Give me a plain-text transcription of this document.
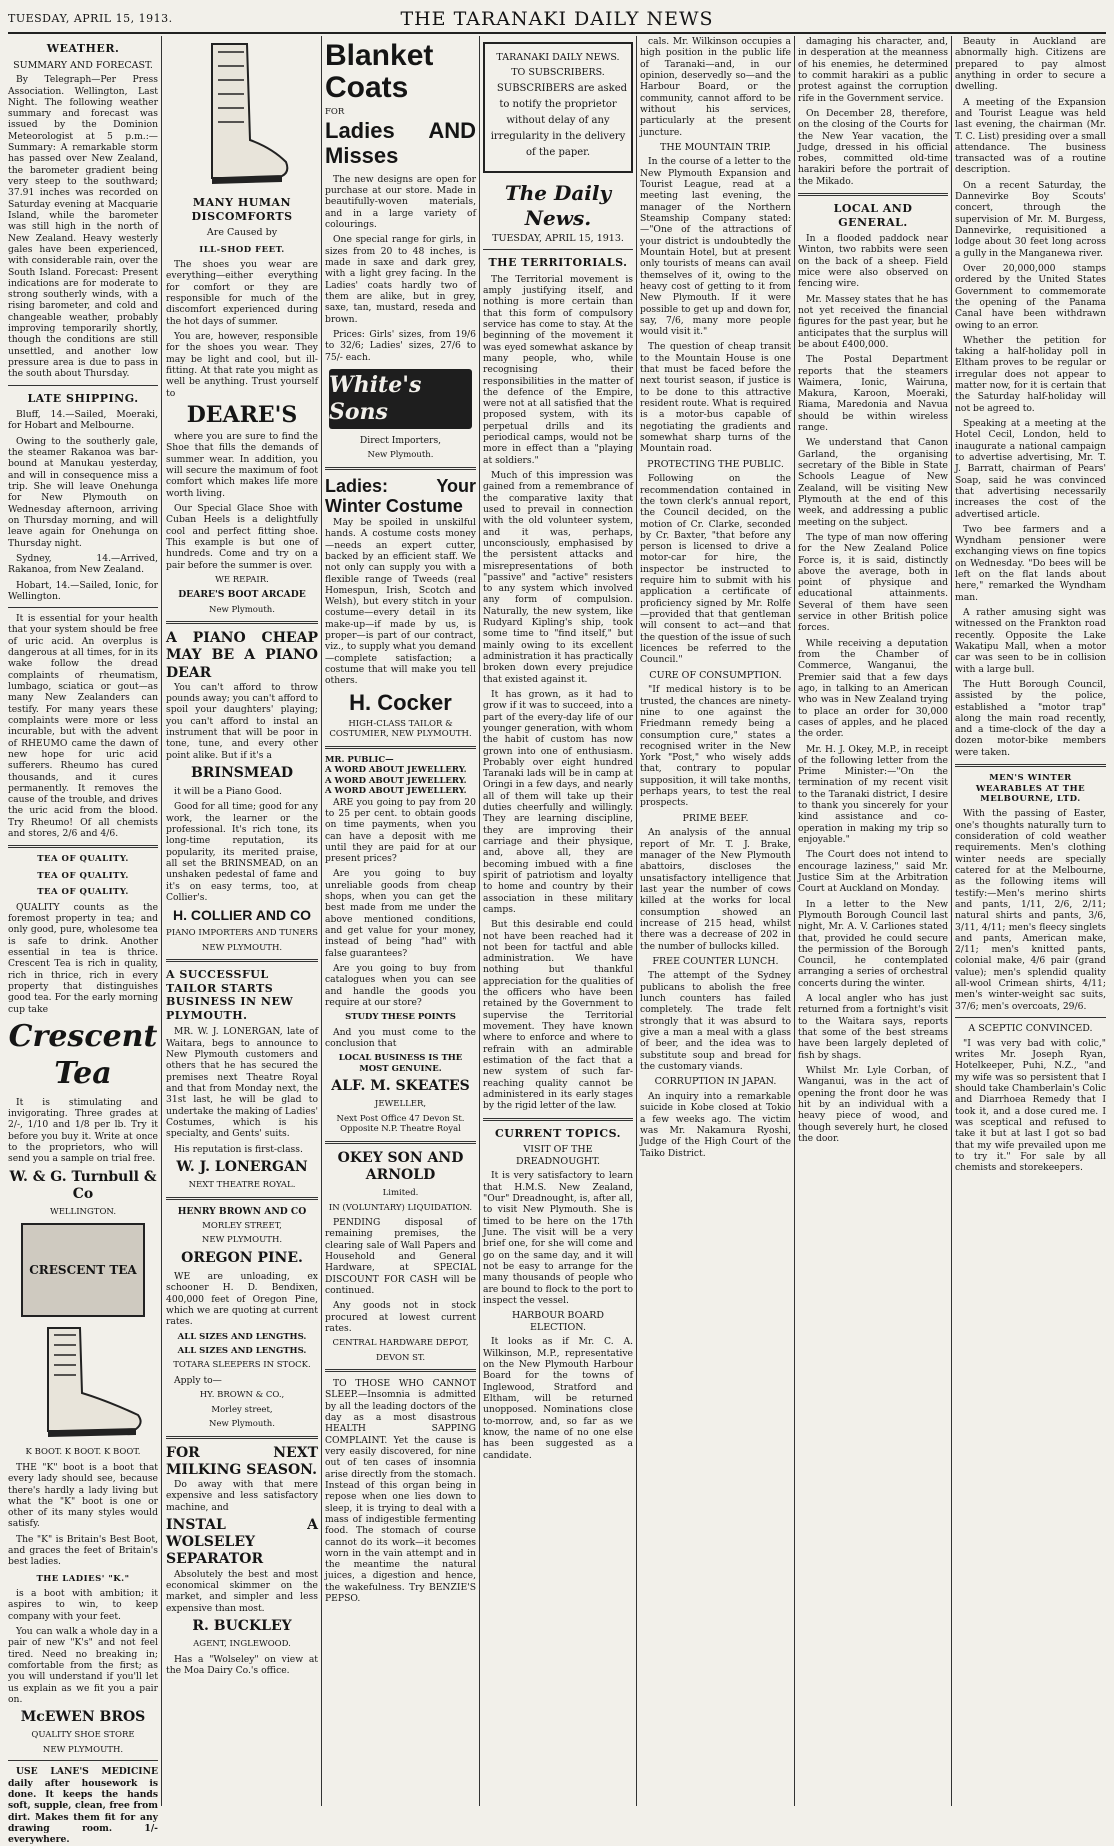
TUESDAY, APRIL 15, 1913.	THE TARANAKI DAILY NEWS
WEATHER.
SUMMARY AND FORECAST.

By Telegraph—Per Press Association. Wellington, Last Night. The following weather summary and forecast was issued by the Dominion Meteorologist at 5 p.m.:—Summary: A remarkable storm has passed over New Zealand, the barometer gradient being very steep to the southward; 37.91 inches was recorded on Saturday evening at Macquarie Island, while the barometer was still high in the north of New Zealand. Heavy westerly gales have been experienced, with considerable rain, over the South Island. Forecast: Present indications are for moderate to strong southerly winds, with a rising barometer, and cold and changeable weather, probably improving temporarily shortly, though the conditions are still unsettled, and another low pressure area is due to pass in the south about Thursday.

LATE SHIPPING.

Bluff, 14.—Sailed, Moeraki, for Hobart and Melbourne.

Owing to the southerly gale, the steamer Rakanoa was bar-bound at Manukau yesterday, and will in consequence miss a trip. She will leave Onehunga for New Plymouth on Wednesday afternoon, arriving on Thursday morning, and will leave again for Onehunga on Thursday night.

Sydney, 14.—Arrived, Rakanoa, from New Zealand.

Hobart, 14.—Sailed, Ionic, for Wellington.

It is essential for your health that your system should be free of uric acid. An overplus is dangerous at all times, for in its wake follow the dread complaints of rheumatism, lumbago, sciatica or gout—as many New Zealanders can testify. For many years these complaints were more or less incurable, but with the advent of RHEUMO came the dawn of new hope for uric acid sufferers. Rheumo has cured thousands, and it cures permanently. It removes the cause of the trouble, and drives the uric acid from the blood. Try Rheumo! Of all chemists and stores, 2/6 and 4/6.

TEA OF QUALITY.
TEA OF QUALITY.
TEA OF QUALITY.

QUALITY counts as the foremost property in tea; and only good, pure, wholesome tea is safe to drink. Another essential in tea is thrice. Crescent Tea is rich in quality, rich in thrice, rich in every property that distinguishes good tea. For the early morning cup take

Crescent Tea

It is stimulating and invigorating. Three grades at 2/-, 1/10 and 1/8 per lb. Try it before you buy it. Write at once to the proprietors, who will send you a sample on trial free.

W. & G. Turnbull & Co
WELLINGTON.
CRESCENT TEA
K BOOT. K BOOT. K BOOT.

THE "K" boot is a boot that every lady should see, because there's hardly a lady living but what the "K" boot is one or other of its many styles would satisfy.

The "K" is Britain's Best Boot, and graces the feet of Britain's best ladies.

THE LADIES' "K."

is a boot with ambition; it aspires to win, to keep company with your feet.

You can walk a whole day in a pair of new "K's" and not feel tired. Need no breaking in; comfortable from the first; as you will understand if you'll let us explain as we fit you a pair on.

McEWEN BROS
QUALITY SHOE STORE
NEW PLYMOUTH.

USE LANE'S MEDICINE daily after housework is done. It keeps the hands soft, supple, clean, free from dirt. Makes them fit for any drawing room. 1/- everywhere.

MANY HUMAN DISCOMFORTS
Are Caused by
ILL-SHOD FEET.

The shoes you wear are everything—either everything for comfort or they are responsible for much of the discomfort experienced during the hot days of summer.

You are, however, responsible for the shoes you wear. They may be light and cool, but ill-fitting. At that rate you might as well be anything. Trust yourself to

DEARE'S

where you are sure to find the Shoe that fills the demands of summer wear. In addition, you will secure the maximum of foot comfort which makes life more worth living.

Our Special Glace Shoe with Cuban Heels is a delightfully cool and perfect fitting shoe. This example is but one of hundreds. Come and try on a pair before the summer is over.

WE REPAIR.
DEARE'S BOOT ARCADE
New Plymouth.
A PIANO CHEAP MAY BE A PIANO DEAR

You can't afford to throw pounds away; you can't afford to spoil your daughters' playing; you can't afford to instal an instrument that will be poor in tone, tune, and every other point alike. But if it's a

BRINSMEAD

it will be a Piano Good.

Good for all time; good for any work, the learner or the professional. It's rich tone, its long-time reputation, its popularity, its merited praise, all set the BRINSMEAD, on an unshaken pedestal of fame and it's on easy terms, too, at Collier's.

H. COLLIER AND CO
PIANO IMPORTERS AND TUNERS
NEW PLYMOUTH.
A SUCCESSFUL TAILOR STARTS BUSINESS IN NEW PLYMOUTH.

MR. W. J. LONERGAN, late of Waitara, begs to announce to New Plymouth customers and others that he has secured the premises next Theatre Royal and that from Monday next, the 31st last, he will be glad to undertake the making of Ladies' Costumes, which is his specialty, and Gents' suits.

His reputation is first-class.

W. J. LONERGAN
NEXT THEATRE ROYAL.
HENRY BROWN AND CO
MORLEY STREET,
NEW PLYMOUTH.
OREGON PINE.

WE are unloading, ex schooner H. D. Bendixen, 400,000 feet of Oregon Pine, which we are quoting at current rates.

ALL SIZES AND LENGTHS.
ALL SIZES AND LENGTHS.
TOTARA SLEEPERS IN STOCK.

Apply to—

HY. BROWN & CO.,
Morley street,
New Plymouth.
FOR NEXT MILKING SEASON.

Do away with that mere expensive and less satisfactory machine, and

INSTAL A WOLSELEY SEPARATOR

Absolutely the best and most economical skimmer on the market, and simpler and less expensive than most.

R. BUCKLEY
AGENT, INGLEWOOD.

Has a "Wolseley" on view at the Moa Dairy Co.'s office.

Blanket Coats
FOR
Ladies AND Misses

The new designs are open for purchase at our store. Made in beautifully-woven materials, and in a large variety of colourings.

One special range for girls, in sizes from 20 to 48 inches, is made in saxe and dark grey, with a light grey facing. In the Ladies' coats hardly two of them are alike, but in grey, saxe, tan, mustard, reseda and brown.

Prices: Girls' sizes, from 19/6 to 32/6; Ladies' sizes, 27/6 to 75/- each.

White's Sons
Direct Importers,
New Plymouth.
Ladies: Your Winter Costume

May be spoiled in unskilful hands. A costume costs money—needs an expert cutter, backed by an efficient staff. We not only can supply you with a flexible range of Tweeds (real Homespun, Irish, Scotch and Welsh), but every stitch in your costume—every detail in its make-up—if made by us, is proper—is part of our contract, viz., to supply what you demand—complete satisfaction; a costume that will make you tell others.

H. Cocker
HIGH-CLASS TAILOR & COSTUMIER, NEW PLYMOUTH.
MR. PUBLIC—
A WORD ABOUT JEWELLERY.
A WORD ABOUT JEWELLERY.
A WORD ABOUT JEWELLERY.

ARE you going to pay from 20 to 25 per cent. to obtain goods on time payments, when you can have a deposit with me until they are paid for at our present prices?

Are you going to buy unreliable goods from cheap shops, when you can get the best made from me under the above mentioned conditions, and get value for your money, instead of being "had" with false guarantees?

Are you going to buy from catalogues when you can see and handle the goods you require at our store?

STUDY THESE POINTS

And you must come to the conclusion that

LOCAL BUSINESS IS THE MOST GENUINE.
ALF. M. SKEATES
JEWELLER,
Next Post Office 47 Devon St. Opposite N.P. Theatre Royal
OKEY SON AND ARNOLD
Limited.
IN (VOLUNTARY) LIQUIDATION.

PENDING disposal of remaining premises, the clearing sale of Wall Papers and Household and General Hardware, at SPECIAL DISCOUNT FOR CASH will be continued.

Any goods not in stock procured at lowest current rates.

CENTRAL HARDWARE DEPOT,
DEVON ST.

TO THOSE WHO CANNOT SLEEP.—Insomnia is admitted by all the leading doctors of the day as a most disastrous HEALTH SAPPING COMPLAINT. Yet the cause is very easily discovered, for nine out of ten cases of insomnia arise directly from the stomach. Instead of this organ being in repose when one lies down to sleep, it is trying to deal with a mass of indigestible fermenting food. The stomach of course cannot do its work—it becomes worn in the vain attempt and in the meantime the natural juices, a digestion and hence, the wakefulness. Try BENZIE'S PEPSO.

TARANAKI DAILY NEWS.
TO SUBSCRIBERS.

SUBSCRIBERS are asked to notify the proprietor without delay of any irregularity in the delivery of the paper.

The Daily News.
TUESDAY, APRIL 15, 1913.
THE TERRITORIALS.

The Territorial movement is amply justifying itself, and nothing is more certain than that this form of compulsory service has come to stay. At the beginning of the movement it was eyed somewhat askance by many people, who, while recognising their responsibilities in the matter of the defence of the Empire, were not at all satisfied that the proposed system, with its perpetual drills and its periodical camps, would not be more in effect than a "playing at soldiers."

Much of this impression was gained from a remembrance of the comparative laxity that used to prevail in connection with the old volunteer system, and it was, perhaps, unconsciously, emphasised by the persistent attacks and misrepresentations of both "passive" and "active" resisters to any system which involved any form of compulsion. Naturally, the new system, like Rudyard Kipling's ship, took some time to "find itself," but mainly owing to its excellent administration it has practically broken down every prejudice that existed against it.

It has grown, as it had to grow if it was to succeed, into a part of the every-day life of our younger generation, with whom the habit of custom has now grown into one of enthusiasm. Probably over eight hundred Taranaki lads will be in camp at Oringi in a few days, and nearly all of them will take up their duties cheerfully and willingly. They are learning discipline, they are improving their carriage and their physique, and, above all, they are becoming imbued with a fine spirit of patriotism and loyalty to home and country by their association in these military camps.

But this desirable end could not have been reached had it not been for tactful and able administration. We have nothing but thankful appreciation for the qualities of the officers who have been retained by the Government to supervise the Territorial movement. They have known where to enforce and where to refrain with an admirable estimation of the fact that a new system of such far-reaching quality cannot be administered in its early stages by the rigid letter of the law.

CURRENT TOPICS.
VISIT OF THE DREADNOUGHT.

It is very satisfactory to learn that H.M.S. New Zealand, "Our" Dreadnought, is, after all, to visit New Plymouth. She is timed to be here on the 17th June. The visit will be a very brief one, for she will come and go on the same day, and it will not be easy to arrange for the many thousands of people who are bound to flock to the port to inspect the vessel.

HARBOUR BOARD ELECTION.

It looks as if Mr. C. A. Wilkinson, M.P., representative on the New Plymouth Harbour Board for the towns of Inglewood, Stratford and Eltham, will be returned unopposed. Nominations close to-morrow, and, so far as we know, the name of no one else has been suggested as a candidate.

cals. Mr. Wilkinson occupies a high position in the public life of Taranaki—and, in our opinion, deservedly so—and the Harbour Board, or the community, cannot afford to be without his services, particularly at the present juncture.

THE MOUNTAIN TRIP.

In the course of a letter to the New Plymouth Expansion and Tourist League, read at a meeting last evening, the manager of the Northern Steamship Company stated:—"One of the attractions of your district is undoubtedly the Mountain Hotel, but at present only tourists of means can avail themselves of it, owing to the heavy cost of getting to it from New Plymouth. If it were possible to get up and down for, say, 7/6, many more people would visit it."

The question of cheap transit to the Mountain House is one that must be faced before the next tourist season, if justice is to be done to this attractive resident route. What is required is a motor-bus capable of negotiating the gradients and somewhat sharp turns of the Mountain road.

PROTECTING THE PUBLIC.

Following on the recommendation contained in the town clerk's annual report, the Council decided, on the motion of Cr. Clarke, seconded by Cr. Baxter, "that before any person is licensed to drive a motor-car for hire, the inspector be instructed to require him to submit with his application a certificate of proficiency signed by Mr. Rolfe—provided that that gentleman will consent to act—and that the question of the issue of such licences be referred to the Council."

CURE OF CONSUMPTION.

"If medical history is to be trusted, the chances are ninety-nine to one against the Friedmann remedy being a consumption cure," states a recognised writer in the New York "Post," who wisely adds that, contrary to popular supposition, it will take months, perhaps years, to test the real prospects.

PRIME BEEF.

An analysis of the annual report of Mr. T. J. Brake, manager of the New Plymouth abattoirs, discloses the unsatisfactory intelligence that last year the number of cows killed at the works for local consumption showed an increase of 215 head, whilst there was a decrease of 202 in the number of bullocks killed.

FREE COUNTER LUNCH.

The attempt of the Sydney publicans to abolish the free lunch counters has failed completely. The trade felt strongly that it was absurd to give a man a meal with a glass of beer, and the idea was to substitute soup and bread for the customary viands.

CORRUPTION IN JAPAN.

An inquiry into a remarkable suicide in Kobe closed at Tokio a few weeks ago. The victim was Mr. Nakamura Ryoshi, Judge of the High Court of the Taiko District.

damaging his character, and, in desperation at the meanness of his enemies, he determined to commit harakiri as a public protest against the corruption rife in the Government service.

On December 28, therefore, on the closing of the Courts for the New Year vacation, the Judge, dressed in his official robes, committed old-time harakiri before the portrait of the Mikado.

LOCAL AND GENERAL.

In a flooded paddock near Winton, two rabbits were seen on the back of a sheep. Field mice were also observed on fencing wire.

Mr. Massey states that he has not yet received the financial figures for the past year, but he anticipates that the surplus will be about £400,000.

The Postal Department reports that the steamers Waimera, Ionic, Wairuna, Makura, Karoon, Moeraki, Riama, Maredonia and Navua should be within wireless range.

We understand that Canon Garland, the organising secretary of the Bible in State Schools League of New Zealand, will be visiting New Plymouth at the end of this week, and addressing a public meeting on the subject.

The type of man now offering for the New Zealand Police Force is, it is said, distinctly above the average, both in point of physique and educational attainments. Several of them have seen service in other British police forces.

While receiving a deputation from the Chamber of Commerce, Wanganui, the Premier said that a few days ago, in talking to an American who was in New Zealand trying to place an order for 30,000 cases of apples, and he placed the order.

Mr. H. J. Okey, M.P., in receipt of the following letter from the Prime Minister:—"On the termination of my recent visit to the Taranaki district, I desire to thank you sincerely for your kind assistance and co-operation in making my trip so enjoyable."

The Court does not intend to encourage laziness," said Mr. Justice Sim at the Arbitration Court at Auckland on Monday.

In a letter to the New Plymouth Borough Council last night, Mr. A. V. Carliones stated that, provided he could secure the permission of the Borough Council, he contemplated arranging a series of orchestral concerts during the winter.

A local angler who has just returned from a fortnight's visit to the Waitara says, reports that some of the best streams have been largely depleted of fish by shags.

Whilst Mr. Lyle Corban, of Wanganui, was in the act of opening the front door he was hit by an individual with a heavy piece of wood, and though severely hurt, he closed the door.

Beauty in Auckland are abnormally high. Citizens are prepared to pay almost anything in order to secure a dwelling.

A meeting of the Expansion and Tourist League was held last evening, the chairman (Mr. T. C. List) presiding over a small attendance. The business transacted was of a routine description.

On a recent Saturday, the Dannevirke Boy Scouts' concert, through the supervision of Mr. M. Burgess, Dannevirke, requisitioned a lodge about 30 feet long across a gully in the Manganewa river.

Over 20,000,000 stamps ordered by the United States Government to commemorate the opening of the Panama Canal have been withdrawn owing to an error.

Whether the petition for taking a half-holiday poll in Eltham proves to be regular or irregular does not appear to matter now, for it is certain that the Saturday half-holiday will not be agreed to.

Speaking at a meeting at the Hotel Cecil, London, held to inaugurate a national campaign to advertise advertising, Mr. T. J. Barratt, chairman of Pears' Soap, said he was convinced that advertising necessarily increases the cost of the advertised article.

Two bee farmers and a Wyndham pensioner were exchanging views on fine topics on Wednesday. "Do bees will be left on the flat lands about here," remarked the Wyndham man.

A rather amusing sight was witnessed on the Frankton road recently. Opposite the Lake Wakatipu Mall, when a motor car was seen to be in collision with a large bull.

The Hutt Borough Council, assisted by the police, established a "motor trap" along the main road recently, and a time-clock of the day a dozen motor-bike members were taken.

MEN'S WINTER WEARABLES AT THE MELBOURNE, LTD.

With the passing of Easter, one's thoughts naturally turn to consideration of cold weather requirements. Men's clothing winter needs are specially catered for at the Melbourne, as the following items will testify:—Men's merino shirts and pants, 1/11, 2/6, 2/11; natural shirts and pants, 3/6, 3/11, 4/11; men's fleecy singlets and pants, American make, 2/11; men's knitted pants, colonial make, 4/6 pair (grand value); men's splendid quality all-wool Crimean shirts, 4/11; men's winter-weight sac suits, 37/6; men's overcoats, 29/6.

A SCEPTIC CONVINCED.

"I was very bad with colic," writes Mr. Joseph Ryan, Hotelkeeper, Puhi, N.Z., "and my wife was so persistent that I should take Chamberlain's Colic and Diarrhoea Remedy that I took it, and a dose cured me. I was sceptical and refused to take it but at last I got so bad that my wife prevailed upon me to try it." For sale by all chemists and storekeepers.
